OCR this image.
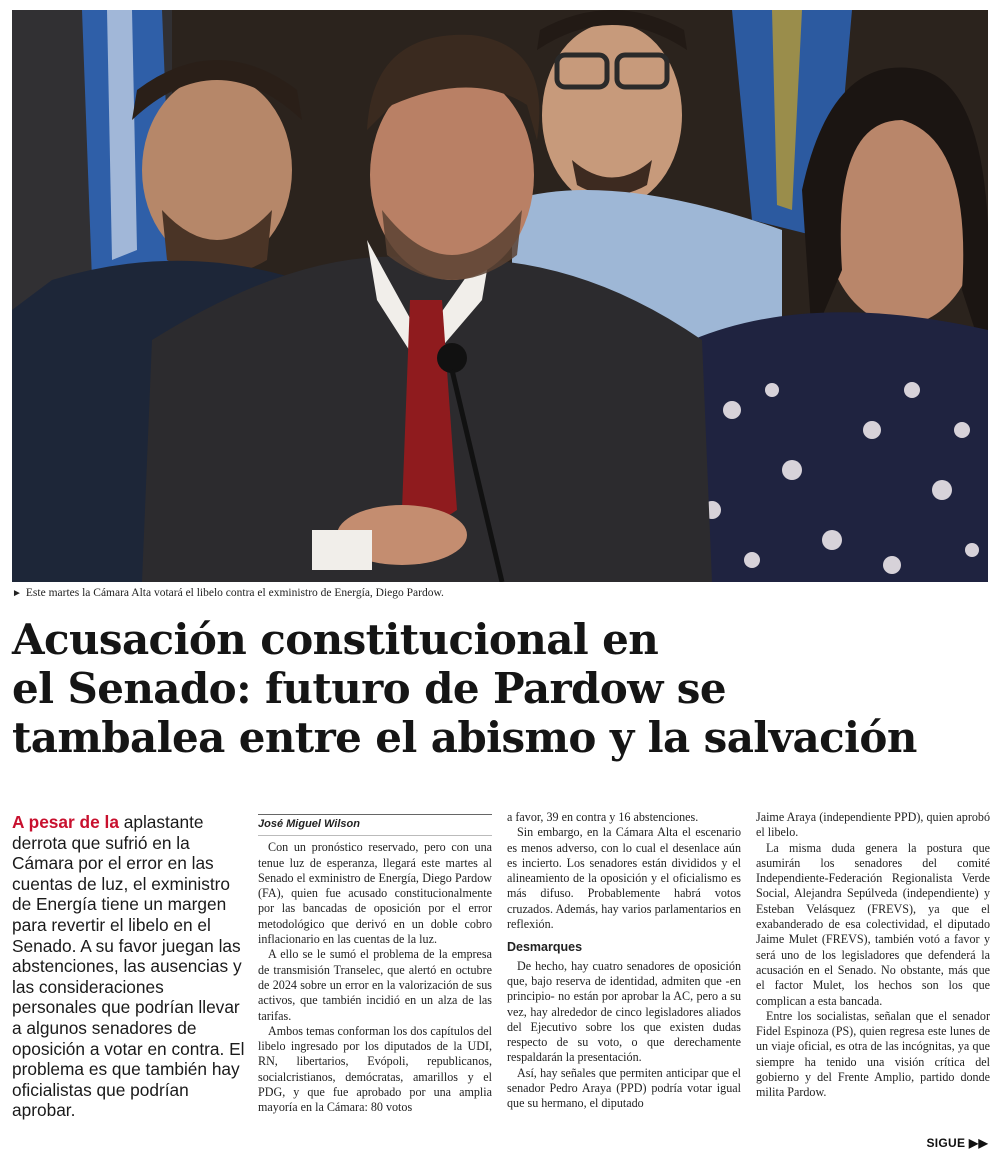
► Este martes la Cámara Alta votará el libelo contra el exministro de Energía, Diego Pardow.
Acusación constitucional en
el Senado: futuro de Pardow se
tambalea entre el abismo y la salvación

A pesar de la aplastante derrota que sufrió en la Cámara por el error en las cuentas de luz, el exministro de Energía tiene un margen para revertir el libelo en el Senado. A su favor juegan las abstenciones, las ausencias y las consideraciones personales que podrían llevar a algunos senadores de oposición a votar en contra. El problema es que también hay oficialistas que podrían aprobar.

José Miguel Wilson

Con un pronóstico reservado, pero con una tenue luz de esperanza, llegará este martes al Senado el exministro de Energía, Diego Pardow (FA), quien fue acusado constitucionalmente por las bancadas de oposición por el error metodológico que derivó en un doble cobro inflacionario en las cuentas de la luz.

A ello se le sumó el problema de la empresa de transmisión Transelec, que alertó en octubre de 2024 sobre un error en la valorización de sus activos, que también incidió en un alza de las tarifas.

Ambos temas conforman los dos capítulos del libelo ingresado por los diputados de la UDI, RN, libertarios, Evópoli, republicanos, socialcristianos, demócratas, amarillos y el PDG, y que fue aprobado por una amplia mayoría en la Cámara: 80 votos

a favor, 39 en contra y 16 abstenciones.

Sin embargo, en la Cámara Alta el escenario es menos adverso, con lo cual el desenlace aún es incierto. Los senadores están divididos y el alineamiento de la oposición y el oficialismo es más difuso. Probablemente habrá votos cruzados. Además, hay varios parlamentarios en reflexión.

Desmarques

De hecho, hay cuatro senadores de oposición que, bajo reserva de identidad, admiten que -en principio- no están por aprobar la AC, pero a su vez, hay alrededor de cinco legisladores aliados del Ejecutivo sobre los que existen dudas respecto de su voto, o que derechamente respaldarán la presentación.

Así, hay señales que permiten anticipar que el senador Pedro Araya (PPD) podría votar igual que su hermano, el diputado

Jaime Araya (independiente PPD), quien aprobó el libelo.

La misma duda genera la postura que asumirán los senadores del comité Independiente-Federación Regionalista Verde Social, Alejandra Sepúlveda (independiente) y Esteban Velásquez (FREVS), ya que el exabanderado de esa colectividad, el diputado Jaime Mulet (FREVS), también votó a favor y será uno de los legisladores que defenderá la acusación en el Senado. No obstante, más que el factor Mulet, los hechos son los que complican a esta bancada.

Entre los socialistas, señalan que el senador Fidel Espinoza (PS), quien regresa este lunes de un viaje oficial, es otra de las incógnitas, ya que siempre ha tenido una visión crítica del gobierno y del Frente Amplio, partido donde milita Pardow.

SIGUE ▶▶
